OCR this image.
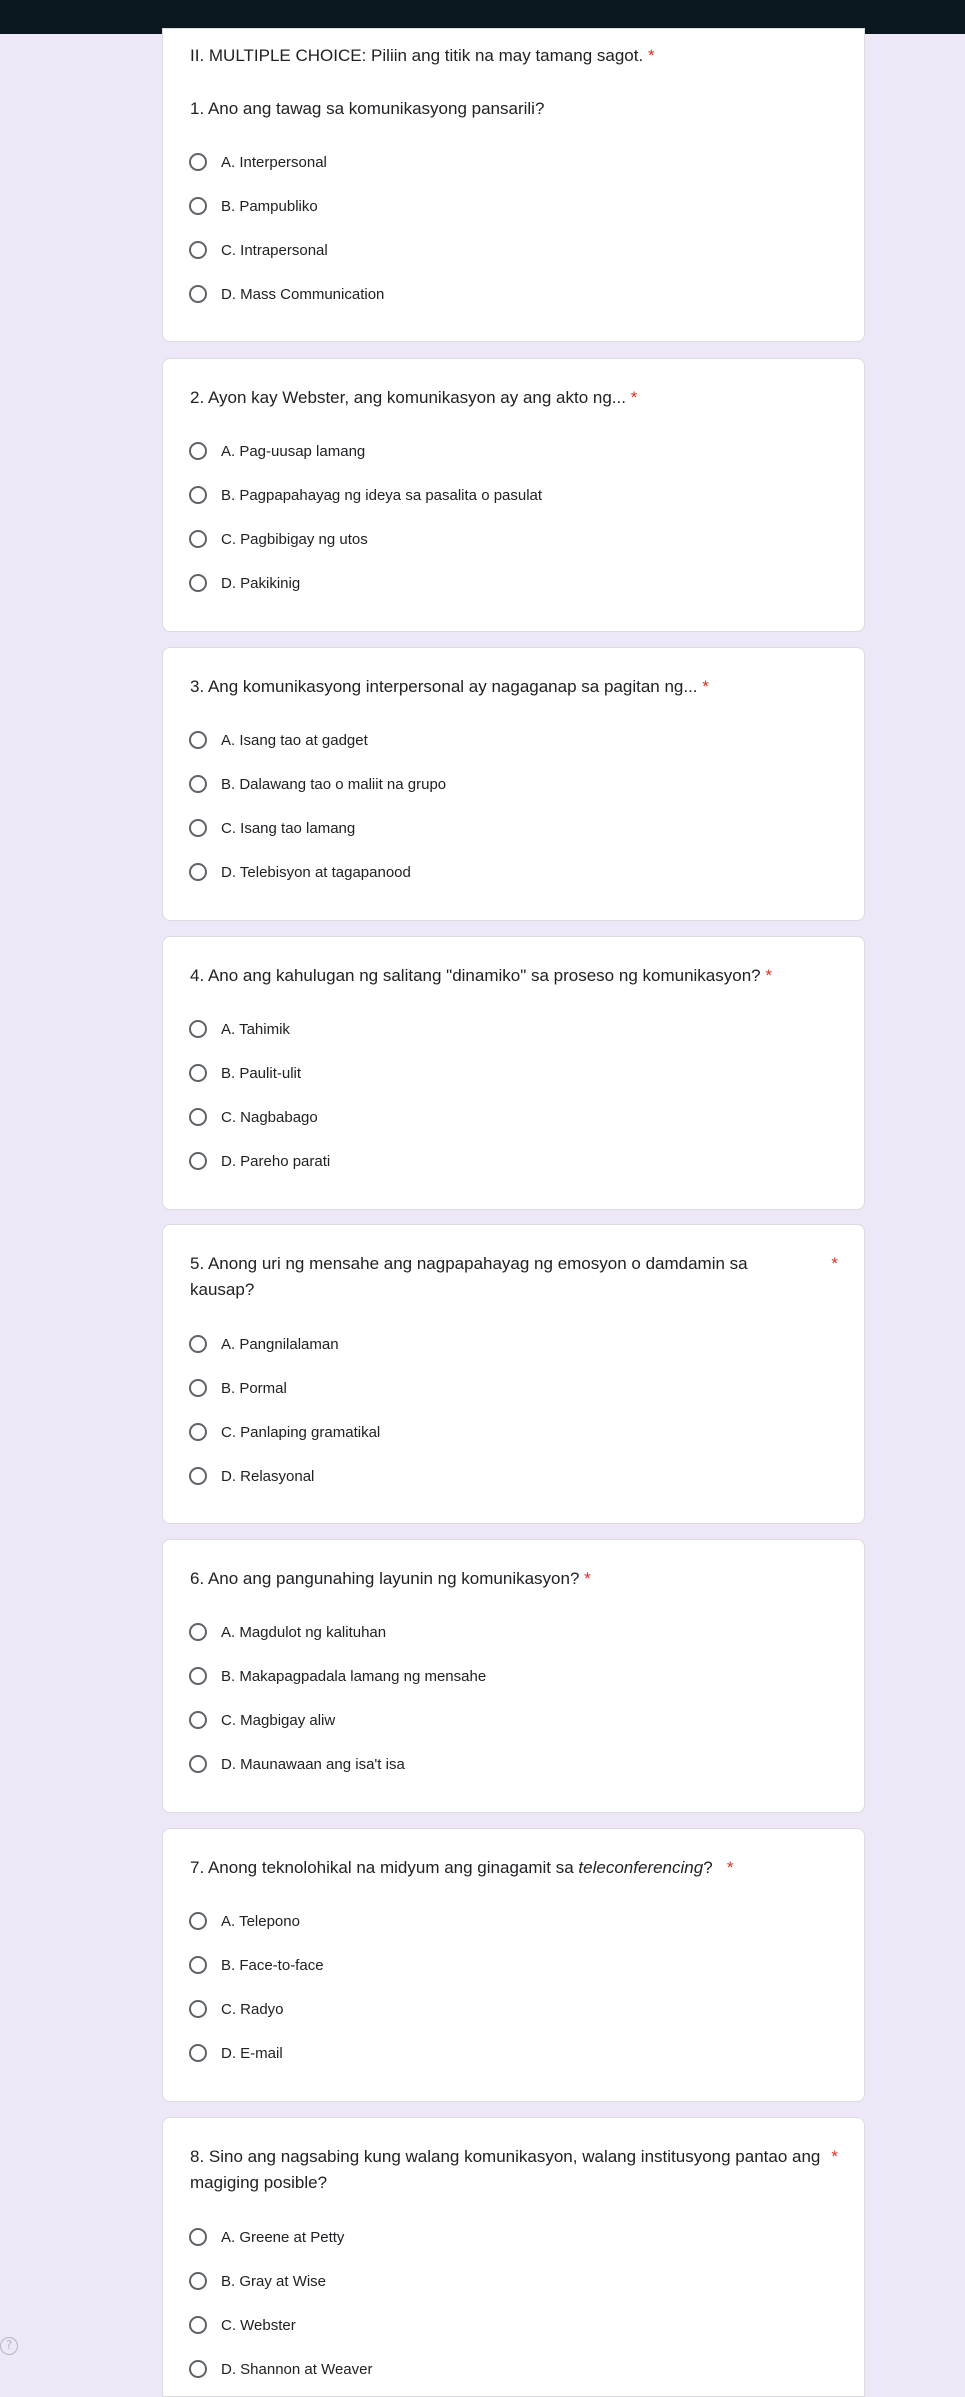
II. MULTIPLE CHOICE: Piliin ang titik na may tamang sagot. *
1. Ano ang tawag sa komunikasyong pansarili?
A. Interpersonal
B. Pampubliko
C. Intrapersonal
D. Mass Communication
2. Ayon kay Webster, ang komunikasyon ay ang akto ng... *
A. Pag-uusap lamang
B. Pagpapahayag ng ideya sa pasalita o pasulat
C. Pagbibigay ng utos
D. Pakikinig
3. Ang komunikasyong interpersonal ay nagaganap sa pagitan ng... *
A. Isang tao at gadget
B. Dalawang tao o maliit na grupo
C. Isang tao lamang
D. Telebisyon at tagapanood
4. Ano ang kahulugan ng salitang "dinamiko" sa proseso ng komunikasyon? *
A. Tahimik
B. Paulit-ulit
C. Nagbabago
D. Pareho parati
5. Anong uri ng mensahe ang nagpapahayag ng emosyon o damdamin sa kausap?
*
A. Pangnilalaman
B. Pormal
C. Panlaping gramatikal
D. Relasyonal
6. Ano ang pangunahing layunin ng komunikasyon? *
A. Magdulot ng kalituhan
B. Makapagpadala lamang ng mensahe
C. Magbigay aliw
D. Maunawaan ang isa't isa
7. Anong teknolohikal na midyum ang ginagamit sa teleconferencing? *
A. Telepono
B. Face-to-face
C. Radyo
D. E-mail
8. Sino ang nagsabing kung walang komunikasyon, walang institusyong pantao ang magiging posible?
*
A. Greene at Petty
B. Gray at Wise
C. Webster
D. Shannon at Weaver
?
